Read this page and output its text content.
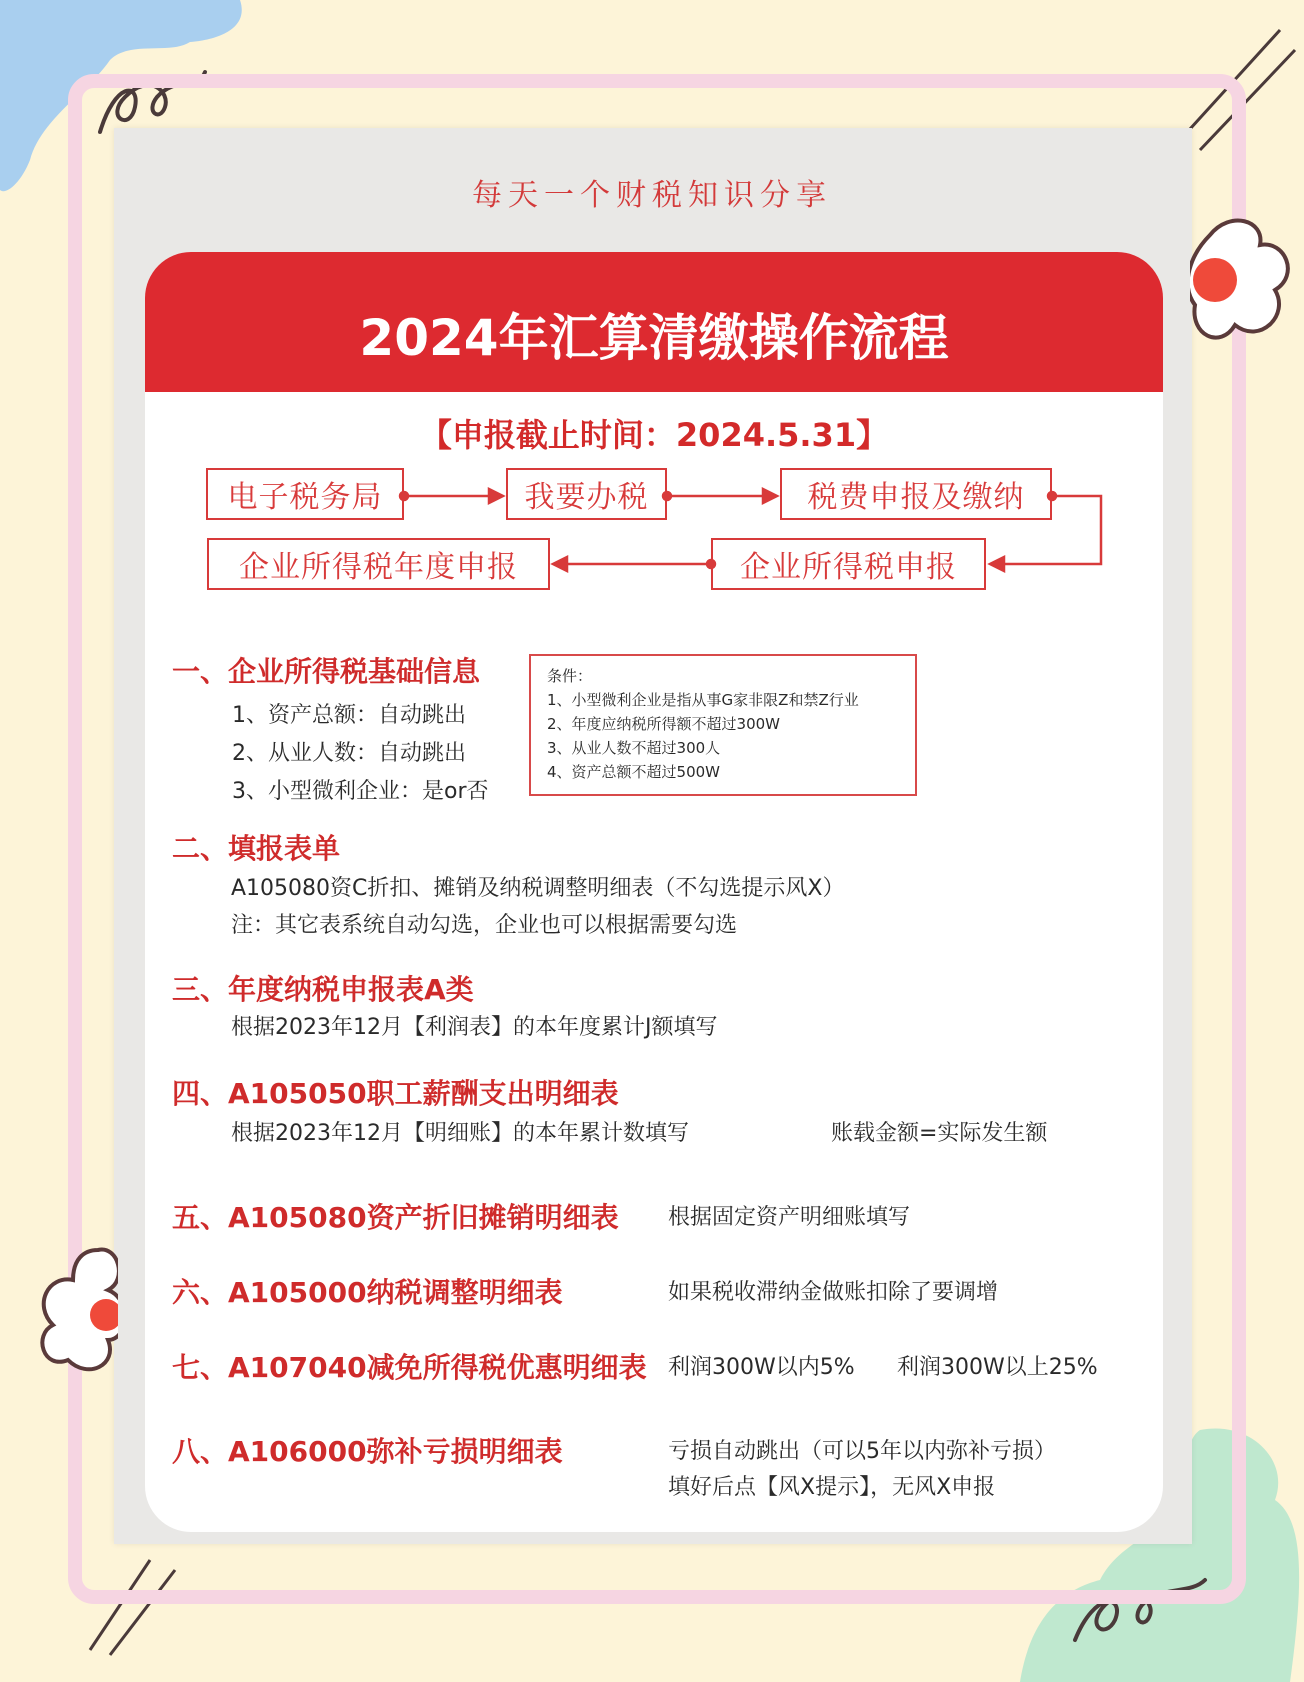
每天一个财税知识分享
2024年汇算清缴操作流程
【申报截止时间：2024.5.31】
电子税务局	我要办税	税费申报及缴纳
企业所得税申报
企业所得税年度申报
一、企业所得税基础信息
1、资产总额：自动跳出
2、从业人数：自动跳出
3、小型微利企业：是or否
条件：
1、小型微利企业是指从事G家非限Z和禁Z行业
2、年度应纳税所得额不超过300W
3、从业人数不超过300人
4、资产总额不超过500W
二、填报表单
A105080资C折扣、摊销及纳税调整明细表（不勾选提示风X）
注：其它表系统自动勾选，企业也可以根据需要勾选
三、年度纳税申报表A类
根据2023年12月【利润表】的本年度累计J额填写
四、A105050职工薪酬支出明细表
根据2023年12月【明细账】的本年累计数填写	账载金额=实际发生额
五、A105080资产折旧摊销明细表 根据固定资产明细账填写
六、A105000纳税调整明细表	如果税收滞纳金做账扣除了要调增
七、A107040减免所得税优惠明细表 利润300W以内5% 利润300W以上25%
八、A106000弥补亏损明细表	亏损自动跳出（可以5年以内弥补亏损）
填好后点【风X提示】，无风X申报
